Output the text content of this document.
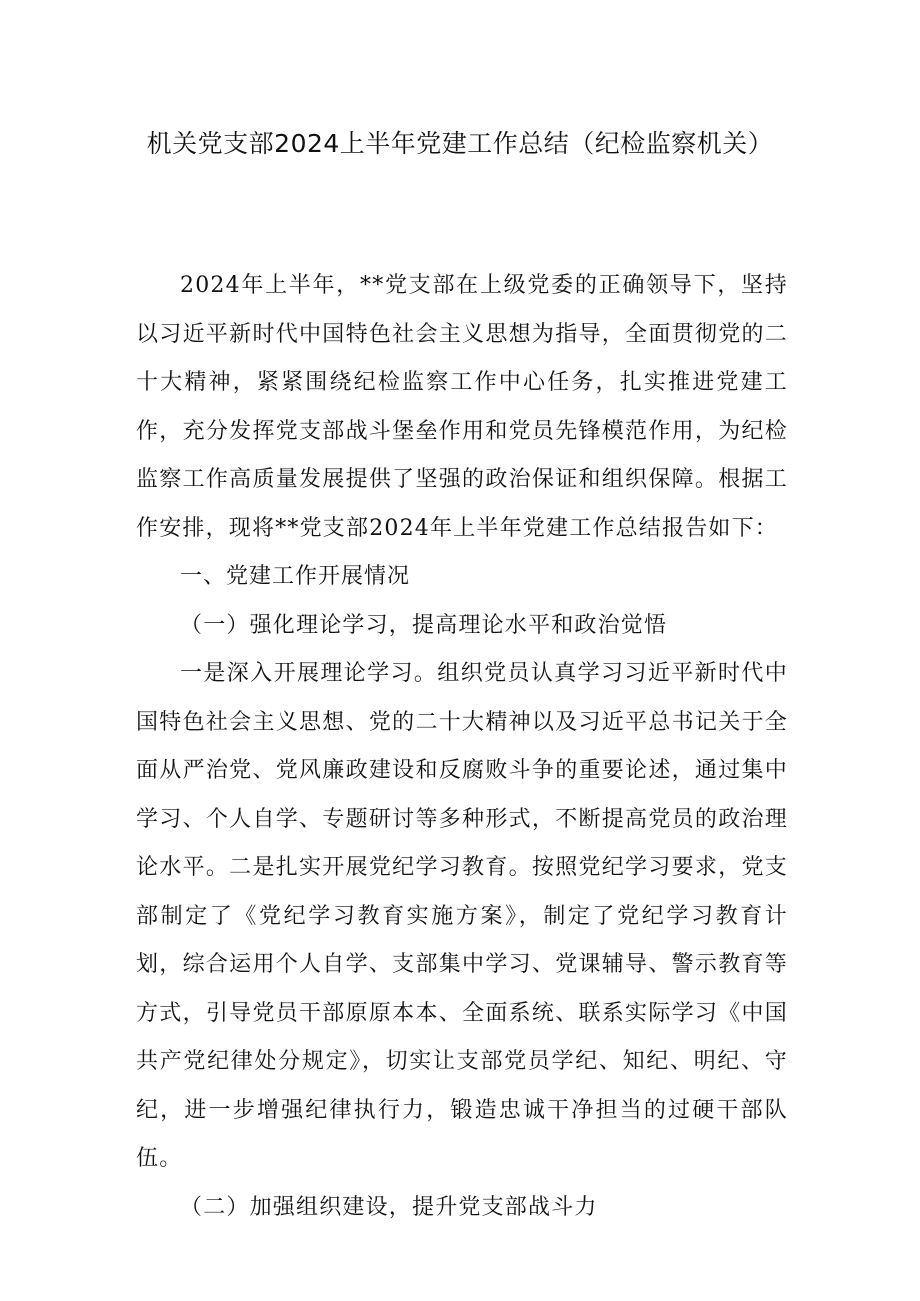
机关党支部2024上半年党建工作总结（纪检监察机关）

2024年上半年，**党支部在上级党委的正确领导下，坚持以习近平新时代中国特色社会主义思想为指导，全面贯彻党的二十大精神，紧紧围绕纪检监察工作中心任务，扎实推进党建工作，充分发挥党支部战斗堡垒作用和党员先锋模范作用，为纪检监察工作高质量发展提供了坚强的政治保证和组织保障。根据工作安排，现将**党支部2024年上半年党建工作总结报告如下：

一、党建工作开展情况

（一）强化理论学习，提高理论水平和政治觉悟

一是深入开展理论学习。组织党员认真学习习近平新时代中国特色社会主义思想、党的二十大精神以及习近平总书记关于全面从严治党、党风廉政建设和反腐败斗争的重要论述，通过集中学习、个人自学、专题研讨等多种形式，不断提高党员的政治理论水平。二是扎实开展党纪学习教育。按照党纪学习要求，党支部制定了《党纪学习教育实施方案》，制定了党纪学习教育计划，综合运用个人自学、支部集中学习、党课辅导、警示教育等方式，引导党员干部原原本本、全面系统、联系实际学习《中国共产党纪律处分规定》，切实让支部党员学纪、知纪、明纪、守纪，进一步增强纪律执行力，锻造忠诚干净担当的过硬干部队伍。

（二）加强组织建设，提升党支部战斗力
